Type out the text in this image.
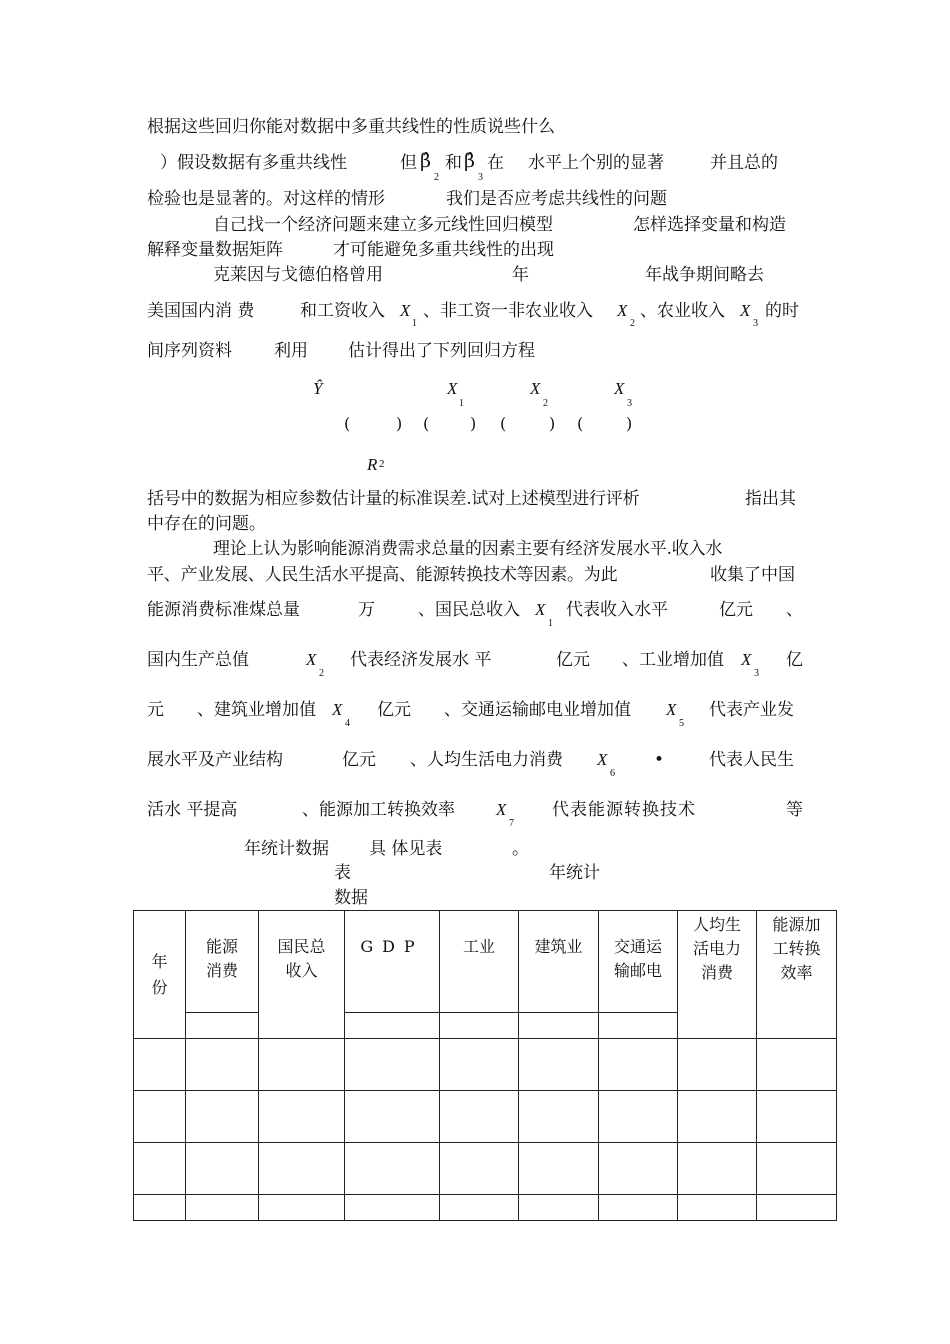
根据这些回归你能对数据中多重共线性的性质说些什么
）假设数据有多重共线性	但 β̂
2
和 β̂
3
在 水平上个别的显著	并且总的
检验也是显著的。对这样的情形	我们是否应考虑共线性的问题
自己找一个经济问题来建立多元线性回归模型	怎样选择变量和构造
解释变量数据矩阵	才可能避免多重共线性的出现
克莱因与戈德伯格曾用	年	年战争期间略去
美国国内消 费	和工资收入 X
1
、非工资一非农业收入 X
2
、农业收入 X
3
的时
间序列资料 利用 估计得出了下列回归方程
Ŷ	X
1
X
2
X
3
(	) (	) (	) (	)
R 2
括号中的数据为相应参数估计量的标准误差.试对上述模型进行评析	指出其
中存在的问题。
理论上认为影响能源消费需求总量的因素主要有经济发展水平.收入水
平、产业发展、人民生活水平提高、能源转换技术等因素。为此	收集了中国
能源消费标准煤总量	万	、国民总收入 X
1
代表收入水平	亿元 、
国内生产总值	X
2
代表经济发展水 平	亿元 、工业增加值 X
3
亿
元 、建筑业增加值 X
4
亿元 、交通运输邮电业增加值 X
5
代表产业发
展水平及产业结构	亿元 、人均生活电力消费 X
6
•	代表人民生
活水 平提高	、能源加工转换效率 X
7
代表能源转换技术	等
年统计数据 具 体见表	。
表	年统计
数据
年份	能源消费	国民总收入	GDP	工业	建筑业	交通运输邮电	人均生活电力消费	能源加工转换效率
